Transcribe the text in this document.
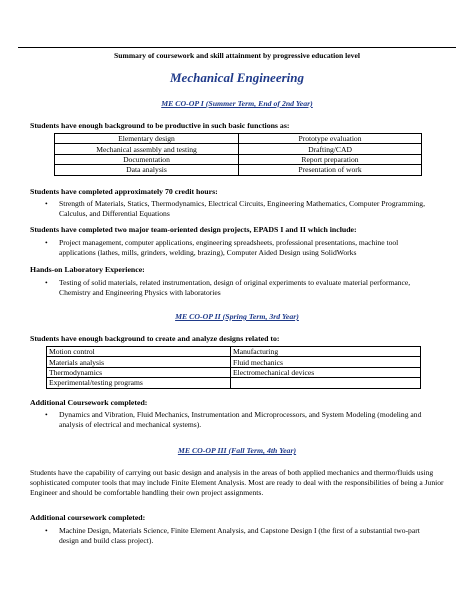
Summary of coursework and skill attainment by progressive education level
Mechanical Engineering
ME CO-OP I (Summer Term, End of 2nd Year)
Students have enough background to be productive in such basic functions as:
Elementary design	Prototype evaluation
Mechanical assembly and testing	Drafting/CAD
Documentation	Report preparation
Data analysis	Presentation of work
Students have completed approximately 70 credit hours:
• Strength of Materials, Statics, Thermodynamics, Electrical Circuits, Engineering Mathematics, Computer Programming, Calculus, and Differential Equations
Students have completed two major team-oriented design projects, EPADS I and II which include:
• Project management, computer applications, engineering spreadsheets, professional presentations, machine tool applications (lathes, mills, grinders, welding, brazing), Computer Aided Design using SolidWorks
Hands-on Laboratory Experience:
• Testing of solid materials, related instrumentation, design of original experiments to evaluate material performance, Chemistry and Engineering Physics with laboratories
ME CO-OP II (Spring Term, 3rd Year)
Students have enough background to create and analyze designs related to:
Motion control	Manufacturing
Materials analysis	Fluid mechanics
Thermodynamics	Electromechanical devices
Experimental/testing programs	
Additional Coursework completed:
• Dynamics and Vibration, Fluid Mechanics, Instrumentation and Microprocessors, and System Modeling (modeling and analysis of electrical and mechanical systems).
ME CO-OP III (Fall Term, 4th Year)
Students have the capability of carrying out basic design and analysis in the areas of both applied mechanics and thermo/fluids using sophisticated computer tools that may include Finite Element Analysis. Most are ready to deal with the responsibilities of being a Junior Engineer and should be comfortable handling their own project assignments.
Additional coursework completed:
• Machine Design, Materials Science, Finite Element Analysis, and Capstone Design I (the first of a substantial two-part design and build class project).
